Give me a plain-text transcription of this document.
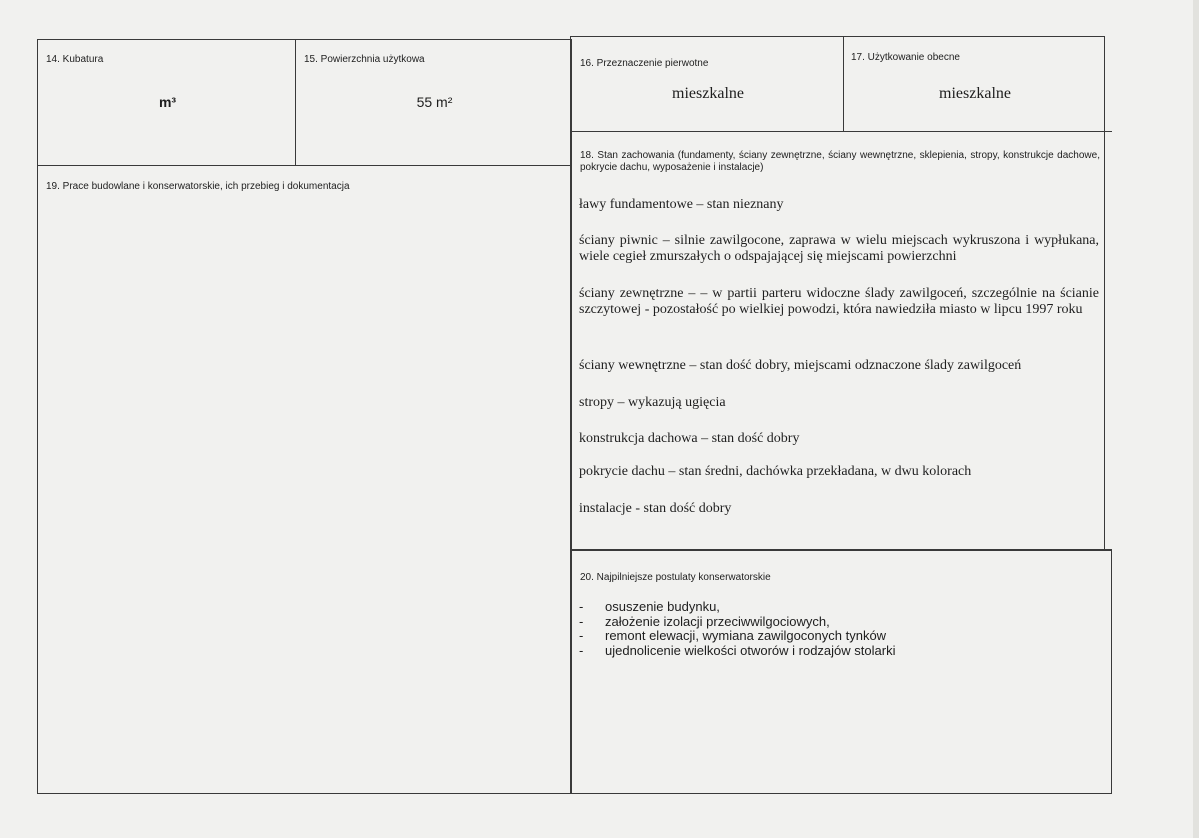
14. Kubatura
m³
15. Powierzchnia użytkowa
55 m²
19. Prace budowlane i konserwatorskie, ich przebieg i dokumentacja
16. Przeznaczenie pierwotne
mieszkalne
17. Użytkowanie obecne
mieszkalne
18. Stan zachowania (fundamenty, ściany zewnętrzne, ściany wewnętrzne, sklepienia, stropy, konstrukcje dachowe, pokrycie dachu, wyposażenie i instalacje)
ławy fundamentowe – stan nieznany
ściany piwnic – silnie zawilgocone, zaprawa w wielu miejscach wykruszona i wypłukana, wiele cegieł zmurszałych o odspajającej się miejscami powierzchni
ściany zewnętrzne – – w partii parteru widoczne ślady zawilgoceń, szczególnie na ścianie szczytowej - pozostałość po wielkiej powodzi, która nawiedziła miasto w lipcu 1997 roku
ściany wewnętrzne – stan dość dobry, miejscami odznaczone ślady zawilgoceń
stropy – wykazują ugięcia
konstrukcja dachowa – stan dość dobry
pokrycie dachu – stan średni, dachówka przekładana, w dwu kolorach
instalacje - stan dość dobry
20. Najpilniejsze postulaty konserwatorskie
- osuszenie budynku,
- założenie izolacji przeciwwilgociowych,
- remont elewacji, wymiana zawilgoconych tynków
- ujednolicenie wielkości otworów i rodzajów stolarki
